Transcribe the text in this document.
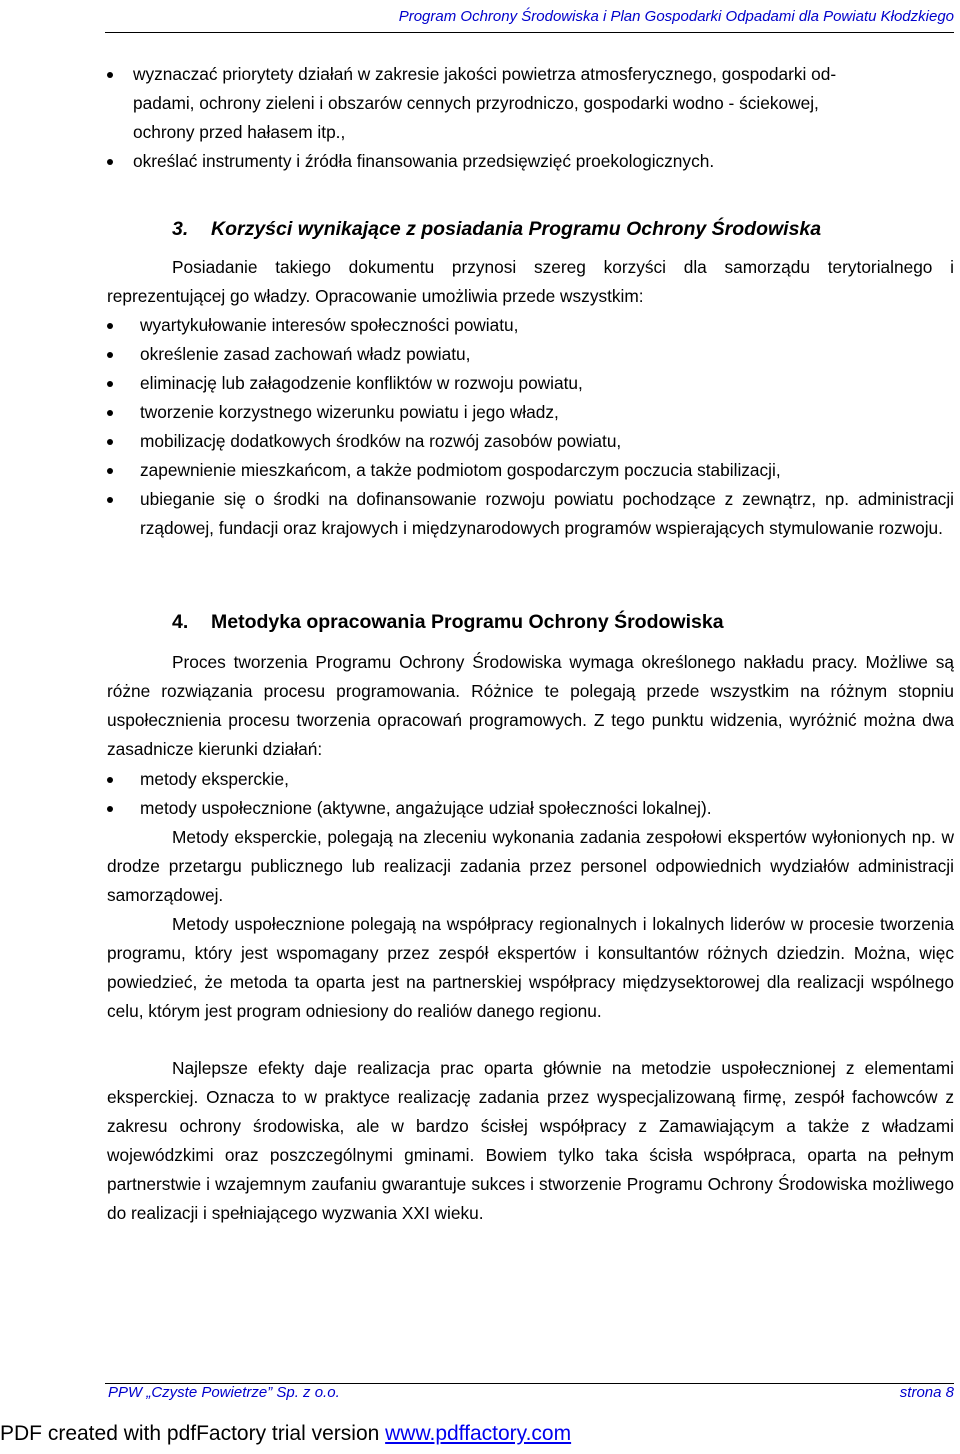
Program Ochrony Środowiska i Plan Gospodarki Odpadami dla Powiatu Kłodzkiego
wyznaczać priorytety działań w zakresie jakości powietrza atmosferycznego, gospodarki od-
padami, ochrony zieleni i obszarów cennych przyrodniczo, gospodarki wodno - ściekowej,
ochrony przed hałasem itp.,
określać instrumenty i źródła finansowania przedsięwzięć proekologicznych.
3. Korzyści wynikające z posiadania Programu Ochrony Środowiska
Posiadanie takiego dokumentu przynosi szereg korzyści dla samorządu terytorialnego i reprezentującej go władzy. Opracowanie umożliwia przede wszystkim:
wyartykułowanie interesów społeczności powiatu,
określenie zasad zachowań władz powiatu,
eliminację lub załagodzenie konfliktów w rozwoju powiatu,
tworzenie korzystnego wizerunku powiatu i jego władz,
mobilizację dodatkowych środków na rozwój zasobów powiatu,
zapewnienie mieszkańcom, a także podmiotom gospodarczym poczucia stabilizacji,
ubieganie się o środki na dofinansowanie rozwoju powiatu pochodzące z zewnątrz, np. administracji rządowej, fundacji oraz krajowych i międzynarodowych programów wspierających stymulowanie rozwoju.
4. Metodyka opracowania Programu Ochrony Środowiska
Proces tworzenia Programu Ochrony Środowiska wymaga określonego nakładu pracy. Możliwe są różne rozwiązania procesu programowania. Różnice te polegają przede wszystkim na różnym stopniu uspołecznienia procesu tworzenia opracowań programowych. Z tego punktu widzenia, wyróżnić można dwa zasadnicze kierunki działań:
metody eksperckie,
metody uspołecznione (aktywne, angażujące udział społeczności lokalnej).
Metody eksperckie, polegają na zleceniu wykonania zadania zespołowi ekspertów wyłonionych np. w drodze przetargu publicznego lub realizacji zadania przez personel odpowiednich wydziałów administracji samorządowej.
Metody uspołecznione polegają na współpracy regionalnych i lokalnych liderów w procesie tworzenia programu, który jest wspomagany przez zespół ekspertów i konsultantów różnych dziedzin. Można, więc powiedzieć, że metoda ta oparta jest na partnerskiej współpracy międzysektorowej dla realizacji wspólnego celu, którym jest program odniesiony do realiów danego regionu.
Najlepsze efekty daje realizacja prac oparta głównie na metodzie uspołecznionej z elementami eksperckiej. Oznacza to w praktyce realizację zadania przez wyspecjalizowaną firmę, zespół fachowców z zakresu ochrony środowiska, ale w bardzo ścisłej współpracy z Zamawiającym a także z władzami wojewódzkimi oraz poszczególnymi gminami. Bowiem tylko taka ścisła współpraca, oparta na pełnym partnerstwie i wzajemnym zaufaniu gwarantuje sukces i stworzenie Programu Ochrony Środowiska możliwego do realizacji i spełniającego wyzwania XXI wieku.
PPW „Czyste Powietrze” Sp. z o.o.	strona 8
PDF created with pdfFactory trial version www.pdffactory.com
